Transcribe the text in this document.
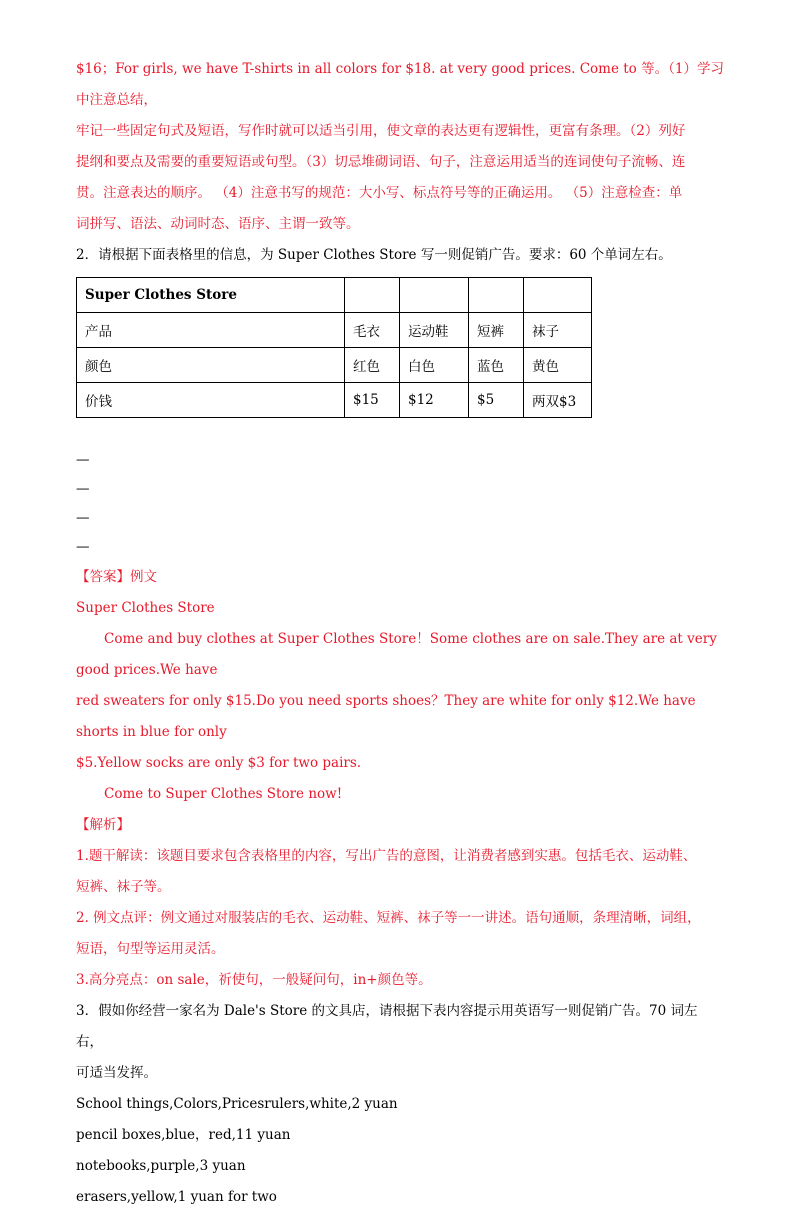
$16；For girls, we have T-shirts in all colors for $18. at very good prices. Come to 等。（1）学习中注意总结，

牢记一些固定句式及短语，写作时就可以适当引用，使文章的表达更有逻辑性，更富有条理。（2）列好

提纲和要点及需要的重要短语或句型。（3）切忌堆砌词语、句子，注意运用适当的连词使句子流畅、连

贯。注意表达的顺序。 （4）注意书写的规范：大小写、标点符号等的正确运用。 （5）注意检查：单

词拼写、语法、动词时态、语序、主谓一致等。

2．请根据下面表格里的信息，为 Super Clothes Store 写一则促销广告。要求：60 个单词左右。

Super Clothes Store				
产品	毛衣	运动鞋	短裤	袜子
颜色	红色	白色	蓝色	黄色
价钱	$15	$12	$5	两双$3

—

—

—

—

【答案】例文

Super Clothes Store

Come and buy clothes at Super Clothes Store！Some clothes are on sale.They are at very good prices.We have

red sweaters for only $15.Do you need sports shoes？They are white for only $12.We have shorts in blue for only

$5.Yellow socks are only $3 for two pairs.

Come to Super Clothes Store now!

【解析】

1.题干解读：该题目要求包含表格里的内容，写出广告的意图，让消费者感到实惠。包括毛衣、运动鞋、

短裤、袜子等。

2. 例文点评：例文通过对服装店的毛衣、运动鞋、短裤、袜子等一一讲述。语句通顺，条理清晰，词组，

短语，句型等运用灵活。

3.高分亮点：on sale，祈使句，一般疑问句，in+颜色等。

3．假如你经营一家名为 Dale's Store 的文具店，请根据下表内容提示用英语写一则促销广告。70 词左右，

可适当发挥。

School things,Colors,Pricesrulers,white,2 yuan

pencil boxes,blue，red,11 yuan

notebooks,purple,3 yuan

erasers,yellow,1 yuan for two
